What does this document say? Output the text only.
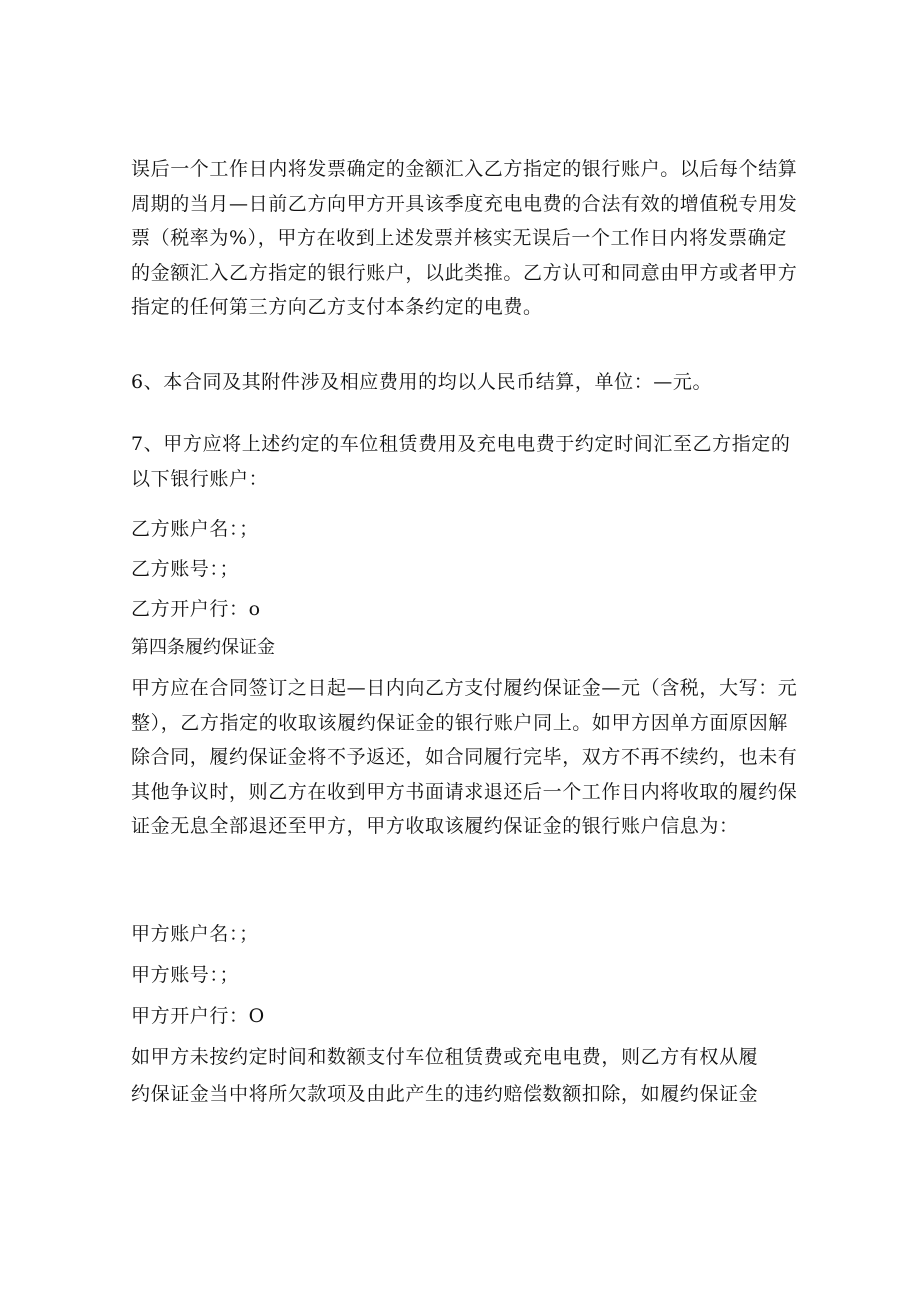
误后一个工作日内将发票确定的金额汇入乙方指定的银行账户。以后每个结算周期的当月—日前乙方向甲方开具该季度充电电费的合法有效的增值税专用发票（税率为%），甲方在收到上述发票并核实无误后一个工作日内将发票确定的金额汇入乙方指定的银行账户，以此类推。乙方认可和同意由甲方或者甲方指定的任何第三方向乙方支付本条约定的电费。

6、本合同及其附件涉及相应费用的均以人民币结算，单位：—元。

7、甲方应将上述约定的车位租赁费用及充电电费于约定时间汇至乙方指定的以下银行账户：

乙方账户名：；

乙方账号：；

乙方开户行：o

第四条履约保证金

甲方应在合同签订之日起—日内向乙方支付履约保证金—元（含税，大写：元整），乙方指定的收取该履约保证金的银行账户同上。如甲方因单方面原因解除合同，履约保证金将不予返还，如合同履行完毕，双方不再不续约，也未有其他争议时，则乙方在收到甲方书面请求退还后一个工作日内将收取的履约保证金无息全部退还至甲方，甲方收取该履约保证金的银行账户信息为：

甲方账户名：；

甲方账号：；

甲方开户行：O

如甲方未按约定时间和数额支付车位租赁费或充电电费，则乙方有权从履

约保证金当中将所欠款项及由此产生的违约赔偿数额扣除，如履约保证金
